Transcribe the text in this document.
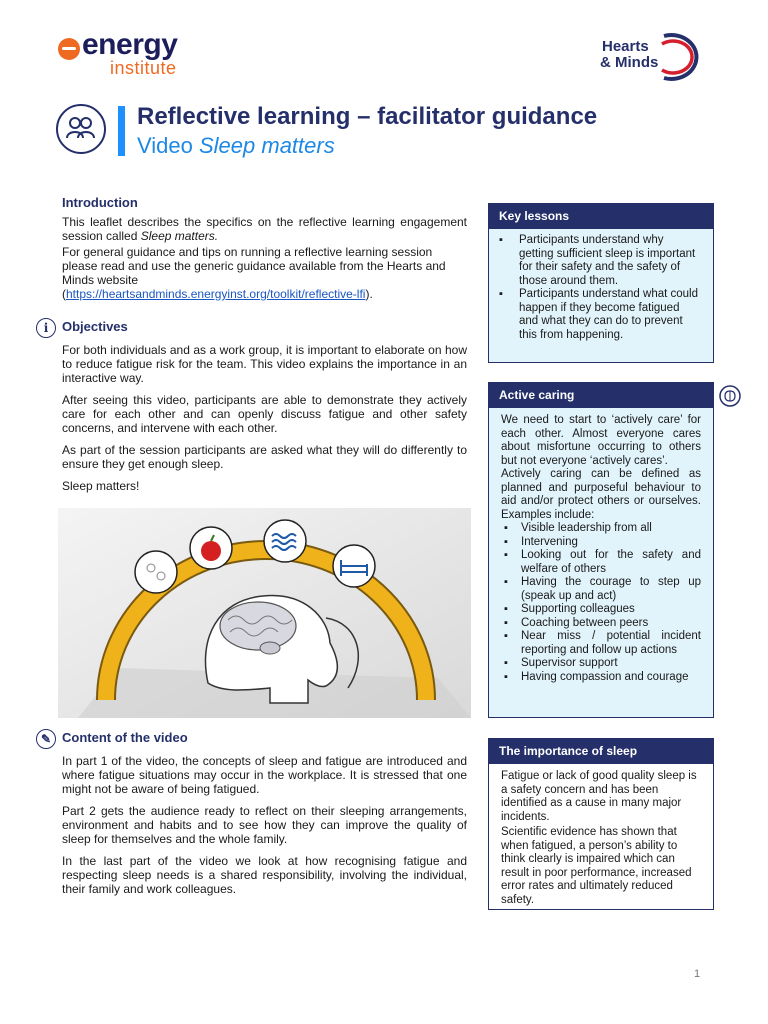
energy
institute
Hearts
& Minds
Reflective learning – facilitator guidance
Video Sleep matters
Introduction
This leaflet describes the specifics on the reflective learning engagement session called Sleep matters.
For general guidance and tips on running a reflective learning session please read and use the generic guidance available from the Hearts and Minds website
(https://heartsandminds.energyinst.org/toolkit/reflective-lfi).
i	Objectives

For both individuals and as a work group, it is important to elaborate on how to reduce fatigue risk for the team. This video explains the importance in an interactive way.

After seeing this video, participants are able to demonstrate they actively care for each other and can openly discuss fatigue and other safety concerns, and intervene with each other.

As part of the session participants are asked what they will do differently to ensure they get enough sleep.

Sleep matters!

✎ Content of the video

In part 1 of the video, the concepts of sleep and fatigue are introduced and where fatigue situations may occur in the workplace. It is stressed that one might not be aware of being fatigued.

Part 2 gets the audience ready to reflect on their sleeping arrangements, environment and habits and to see how they can improve the quality of sleep for themselves and the whole family.

In the last part of the video we look at how recognising fatigue and respecting sleep needs is a shared responsibility, involving the individual, their family and work colleagues.

Key lessons
▪ Participants understand why getting sufficient sleep is important for their safety and the safety of those around them.
▪ Participants understand what could happen if they become fatigued and what they can do to prevent this from happening.
Active caring
We need to start to ‘actively care’ for each other. Almost everyone cares about misfortune occurring to others but not everyone ‘actively cares’.
Actively caring can be defined as planned and purposeful behaviour to aid and/or protect others or ourselves. Examples include:
▪ Visible leadership from all
▪ Intervening
▪ Looking out for the safety and welfare of others
▪ Having the courage to step up (speak up and act)
▪ Supporting colleagues
▪ Coaching between peers
▪ Near miss / potential incident reporting and follow up actions
▪ Supervisor support
▪ Having compassion and courage
The importance of sleep

Fatigue or lack of good quality sleep is a safety concern and has been identified as a cause in many major incidents.

Scientific evidence has shown that when fatigued, a person’s ability to think clearly is impaired which can result in poor performance, increased error rates and ultimately reduced safety.

1
